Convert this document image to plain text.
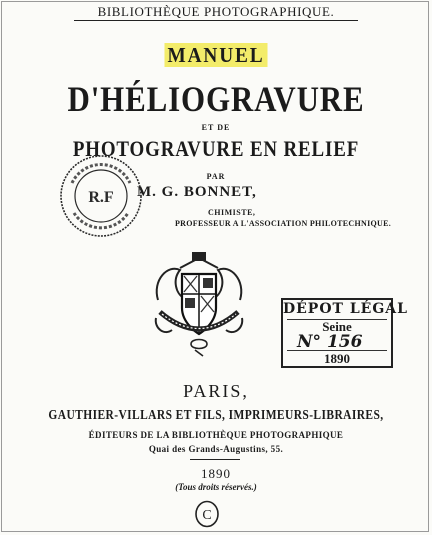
BIBLIOTHÈQUE PHOTOGRAPHIQUE.
MANUEL
D'HÉLIOGRAVURE
ET DE
PHOTOGRAVURE EN RELIEF
PAR
M. G. BONNET,
CHIMISTE,
PROFESSEUR A L'ASSOCIATION PHILOTECHNIQUE.
R.F
DÉPOT LÉGAL
Seine
N° 156
1890
PARIS,
GAUTHIER-VILLARS ET FILS, IMPRIMEURS-LIBRAIRES,
ÉDITEURS DE LA BIBLIOTHÈQUE PHOTOGRAPHIQUE
Quai des Grands-Augustins, 55.
1890
(Tous droits réservés.)
C
